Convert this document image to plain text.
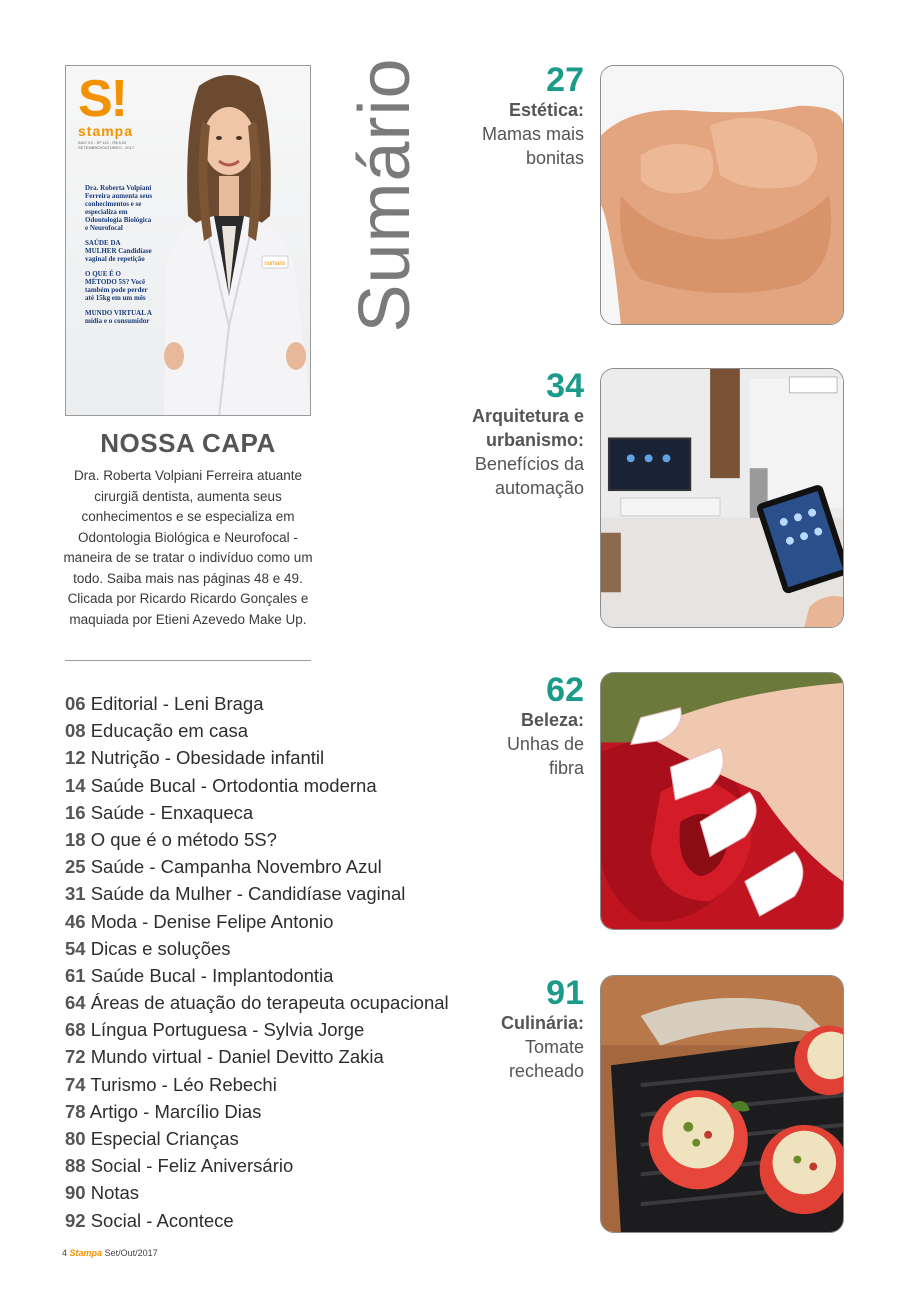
S!
stampa
ANO XX - Nº 142 - R$ 6,00 SETEMBRO/OUTUBRO - 2017
Dra. Roberta Volpiani Ferreira aumenta seus conhecimentos e se especializa em Odontologia Biológica e Neurofocal
SAÚDE DA MULHER Candidíase vaginal de repetição
O QUE É O MÉTODO 5S? Você também pode perder até 15kg em um mês
MUNDO VIRTUAL A mídia e o consumidor
numaris
NOSSA CAPA

Dra. Roberta Volpiani Ferreira atuante cirurgiã dentista, aumenta seus conhecimentos e se especializa em Odontologia Biológica e Neurofocal - maneira de se tratar o indivíduo como um todo. Saiba mais nas páginas 48 e 49. Clicada por Ricardo Ricardo Gonçales e maquiada por Etieni Azevedo Make Up.

Sumário
06 Editorial - Leni Braga
08 Educação em casa
12 Nutrição - Obesidade infantil
14 Saúde Bucal - Ortodontia moderna
16 Saúde - Enxaqueca
18 O que é o método 5S?
25 Saúde - Campanha Novembro Azul
31 Saúde da Mulher - Candidíase vaginal
46 Moda - Denise Felipe Antonio
54 Dicas e soluções
61 Saúde Bucal - Implantodontia
64 Áreas de atuação do terapeuta ocupacional
68 Língua Portuguesa - Sylvia Jorge
72 Mundo virtual - Daniel Devitto Zakia
74 Turismo - Léo Rebechi
78 Artigo - Marcílio Dias
80 Especial Crianças
88 Social - Feliz Aniversário
90 Notas
92 Social - Acontece
27
Estética:
Mamas mais
bonitas
34
Arquitetura e
urbanismo:
Benefícios da
automação
62
Beleza:
Unhas de
fibra
91
Culinária:
Tomate
recheado
4 Stampa Set/Out/2017
